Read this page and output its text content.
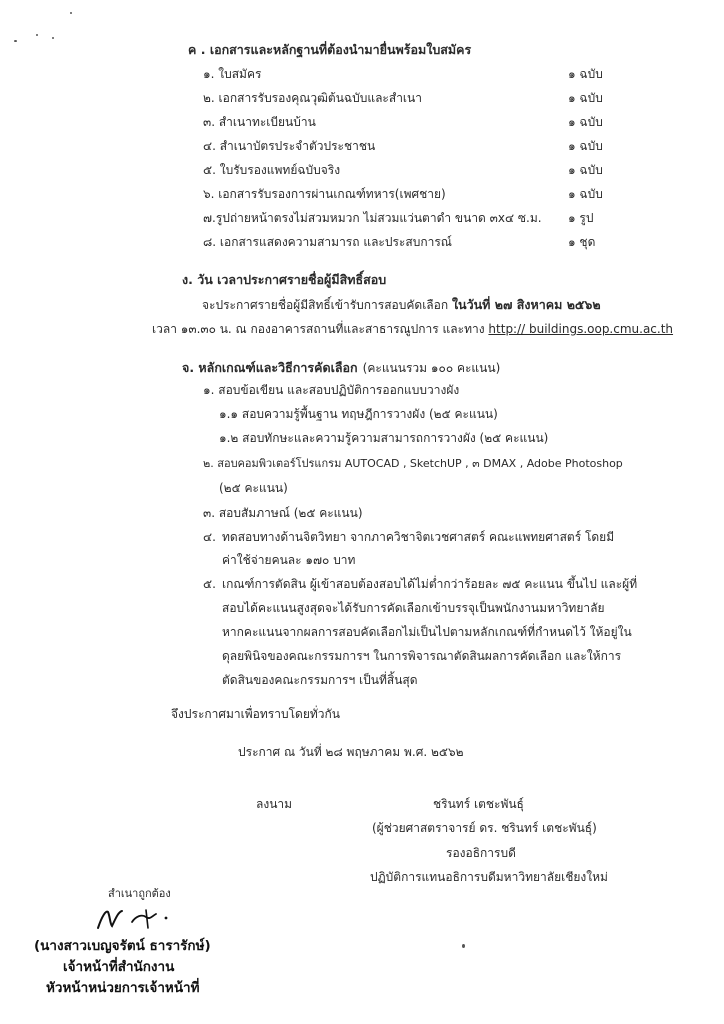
ค . เอกสารและหลักฐานที่ต้องนำมายื่นพร้อมใบสมัคร
๑. ใบสมัคร	๑ ฉบับ
๒. เอกสารรับรองคุณวุฒิต้นฉบับและสำเนา	๑ ฉบับ
๓. สำเนาทะเบียนบ้าน	๑ ฉบับ
๔. สำเนาบัตรประจำตัวประชาชน	๑ ฉบับ
๕. ใบรับรองแพทย์ฉบับจริง	๑ ฉบับ
๖. เอกสารรับรองการผ่านเกณฑ์ทหาร(เพศชาย)	๑ ฉบับ
๗.รูปถ่ายหน้าตรงไม่สวมหมวก ไม่สวมแว่นตาดำ ขนาด ๓x๔ ซ.ม. ๑ รูป
๘. เอกสารแสดงความสามารถ และประสบการณ์	๑ ชุด
ง. วัน เวลาประกาศรายชื่อผู้มีสิทธิ์สอบ
จะประกาศรายชื่อผู้มีสิทธิ์เข้ารับการสอบคัดเลือก ในวันที่ ๒๗ สิงหาคม ๒๕๖๒
เวลา ๑๓.๓๐ น. ณ กองอาคารสถานที่และสาธารณูปการ และทาง http:// buildings.oop.cmu.ac.th
จ. หลักเกณฑ์และวิธีการคัดเลือก (คะแนนรวม ๑๐๐ คะแนน)
๑. สอบข้อเขียน และสอบปฏิบัติการออกแบบวางผัง
๑.๑ สอบความรู้พื้นฐาน ทฤษฎีการวางผัง (๒๕ คะแนน)
๑.๒ สอบทักษะและความรู้ความสามารถการวางผัง (๒๕ คะแนน)
๒. สอบคอมพิวเตอร์โปรแกรม AUTOCAD , SketchUP , ๓ DMAX , Adobe Photoshop
(๒๕ คะแนน)
๓. สอบสัมภาษณ์ (๒๕ คะแนน)
๔. ทดสอบทางด้านจิตวิทยา จากภาควิชาจิตเวชศาสตร์ คณะแพทยศาสตร์ โดยมี
ค่าใช้จ่ายคนละ ๑๗๐ บาท
๕. เกณฑ์การตัดสิน ผู้เข้าสอบต้องสอบได้ไม่ต่ำกว่าร้อยละ ๗๕ คะแนน ขึ้นไป และผู้ที่
สอบได้คะแนนสูงสุดจะได้รับการคัดเลือกเข้าบรรจุเป็นพนักงานมหาวิทยาลัย
หากคะแนนจากผลการสอบคัดเลือกไม่เป็นไปตามหลักเกณฑ์ที่กำหนดไว้ ให้อยู่ใน
ดุลยพินิจของคณะกรรมการฯ ในการพิจารณาตัดสินผลการคัดเลือก และให้การ
ตัดสินของคณะกรรมการฯ เป็นที่สิ้นสุด
จึงประกาศมาเพื่อทราบโดยทั่วกัน
ประกาศ ณ วันที่ ๒๘ พฤษภาคม พ.ศ. ๒๕๖๒
ลงนาม	ชรินทร์ เตชะพันธุ์
(ผู้ช่วยศาสตราจารย์ ดร. ชรินทร์ เตชะพันธุ์)
รองอธิการบดี
ปฏิบัติการแทนอธิการบดีมหาวิทยาลัยเชียงใหม่
สำเนาถูกต้อง
(นางสาวเบญจรัตน์ ธารารักษ์)
เจ้าหน้าที่สำนักงาน
หัวหน้าหน่วยการเจ้าหน้าที่
